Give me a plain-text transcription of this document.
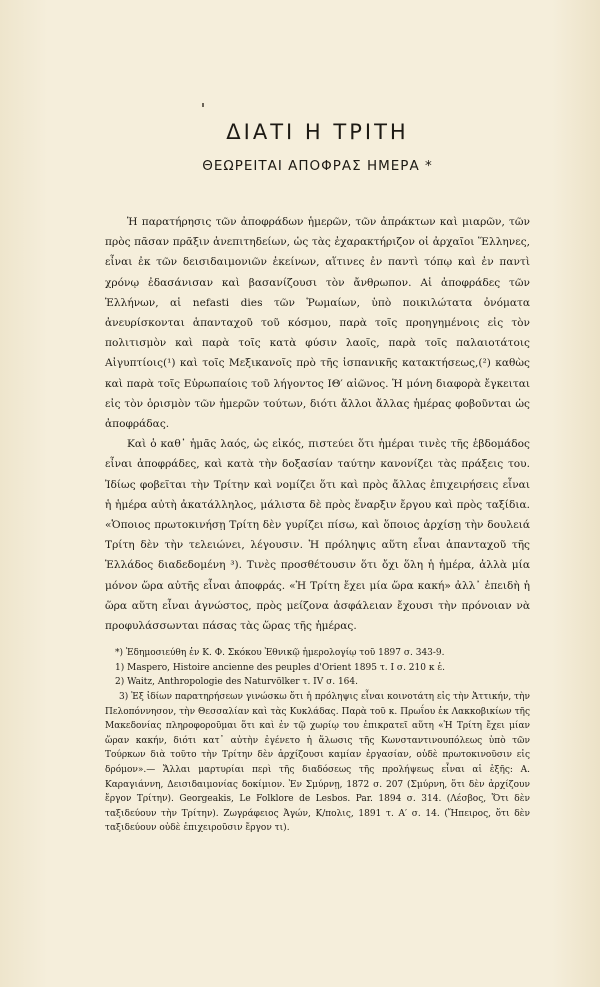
ΔΙΑΤΙ Η ΤΡΙΤΗ
ΘΕΩΡΕΙΤΑΙ ΑΠΟΦΡΑΣ ΗΜΕΡΑ *

Ἡ παρατήρησις τῶν ἀποφράδων ἡμερῶν, τῶν ἀπράκτων καὶ μιαρῶν, τῶν πρὸς πᾶσαν πρᾶξιν ἀνεπιτηδείων, ὡς τὰς ἐχαρακτήριζον οἱ ἀρχαῖοι Ἕλληνες, εἶναι ἐκ τῶν δεισιδαιμονιῶν ἐκείνων, αἵτινες ἐν παντὶ τόπῳ καὶ ἐν παντὶ χρόνῳ ἐδασάνισαν καὶ βασανίζουσι τὸν ἄνθρωπον. Αἱ ἀποφράδες τῶν Ἑλλήνων, αἱ nefasti dies τῶν Ῥωμαίων, ὑπὸ ποικιλώτατα ὀνόματα ἀνευρίσκονται ἁπανταχοῦ τοῦ κόσμου, παρὰ τοῖς προηγημένοις εἰς τὸν πολιτισμὸν καὶ παρὰ τοῖς κατὰ φύσιν λαοῖς, παρὰ τοῖς παλαιοτάτοις Αἰγυπτίοις(¹) καὶ τοῖς Μεξικανοῖς πρὸ τῆς ἱσπανικῆς κατακτήσεως,(²) καθὼς καὶ παρὰ τοῖς Εὐρωπαίοις τοῦ λήγοντος ΙΘ′ αἰῶνος. Ἡ μόνη διαφορὰ ἔγκειται εἰς τὸν ὁρισμὸν τῶν ἡμερῶν τούτων, διότι ἄλλοι ἄλλας ἡμέρας φοβοῦνται ὡς ἀποφράδας.

Καὶ ὁ καθ᾽ ἡμᾶς λαός, ὡς εἰκός, πιστεύει ὅτι ἡμέραι τινὲς τῆς ἑβδομάδος εἶναι ἀποφράδες, καὶ κατὰ τὴν δοξασίαν ταύτην κανονίζει τὰς πράξεις του. Ἰδίως φοβεῖται τὴν Τρίτην καὶ νομίζει ὅτι καὶ πρὸς ἄλλας ἐπιχειρήσεις εἶναι ἡ ἡμέρα αὐτὴ ἀκατάλληλος, μάλιστα δὲ πρὸς ἔναρξιν ἔργου καὶ πρὸς ταξίδια. «Ὁποιος πρωτοκινήσῃ Τρίτη δὲν γυρίζει πίσω, καὶ ὅποιος ἀρχίσῃ τὴν δουλειά Τρίτη δὲν τὴν τελειώνει, λέγουσιν. Ἡ πρόληψις αὕτη εἶναι ἁπανταχοῦ τῆς Ἑλλάδος διαδεδομένη ³). Τινὲς προσθέτουσιν ὅτι ὄχι ὅλη ἡ ἡμέρα, ἀλλὰ μία μόνον ὥρα αὐτῆς εἶναι ἀποφράς. «Ἡ Τρίτη ἔχει μία ὥρα κακή» ἀλλ᾽ ἐπειδὴ ἡ ὥρα αὕτη εἶναι ἀγνώστος, πρὸς μείζονα ἀσφάλειαν ἔχουσι τὴν πρόνοιαν νὰ προφυλάσσωνται πάσας τὰς ὥρας τῆς ἡμέρας.

*) Ἐδημοσιεύθη ἐν Κ. Φ. Σκόκου Ἐθνικῷ ἡμερολογίῳ τοῦ 1897 σ. 343-9.

1) Maspero, Histoire ancienne des peuples d'Orient 1895 τ. I σ. 210 κ ἑ.

2) Waitz, Anthropologie des Naturvölker τ. IV σ. 164.

3) Ἐξ ἰδίων παρατηρήσεων γινώσκω ὅτι ἡ πρόληψις εἶναι κοινοτάτη εἰς τὴν Ἀττικήν, τὴν Πελοπόννησον, τὴν Θεσσαλίαν καὶ τὰς Κυκλάδας. Παρὰ τοῦ κ. Πρωΐου ἐκ Λακκοβικίων τῆς Μακεδονίας πληροφοροῦμαι ὅτι καὶ ἐν τῷ χωρίῳ του ἐπικρατεῖ αὕτη «Ἡ Τρίτη ἔχει μίαν ὥραν κακήν, διότι κατ᾽ αὐτὴν ἐγένετο ἡ ἅλωσις τῆς Κωνσταντινουπόλεως ὑπὸ τῶν Τούρκων διὰ τοῦτο τὴν Τρίτην δὲν ἀρχίζουσι καμίαν ἐργασίαν, οὐδὲ πρωτοκινοῦσιν εἰς δρόμον».— Ἄλλαι μαρτυρίαι περὶ τῆς διαδόσεως τῆς προλήψεως εἶναι αἱ ἑξῆς: Α. Καραγιάννη, Δεισιδαιμονίας δοκίμιον. Ἐν Σμύρνῃ, 1872 σ. 207 (Σμύρνη, ὅτι δὲν ἀρχίζουν ἔργον Τρίτην). Georgeakis, Le Folklore de Lesbos. Par. 1894 σ. 314. (Λέσβος, Ὅτι δὲν ταξιδεύουν τὴν Τρίτην). Ζωγράφειος Ἀγών, Κ/πολις, 1891 τ. Α′ σ. 14. (Ἤπειρος, ὅτι δὲν ταξιδεύουν οὐδὲ ἐπιχειροῦσιν ἔργον τι).
